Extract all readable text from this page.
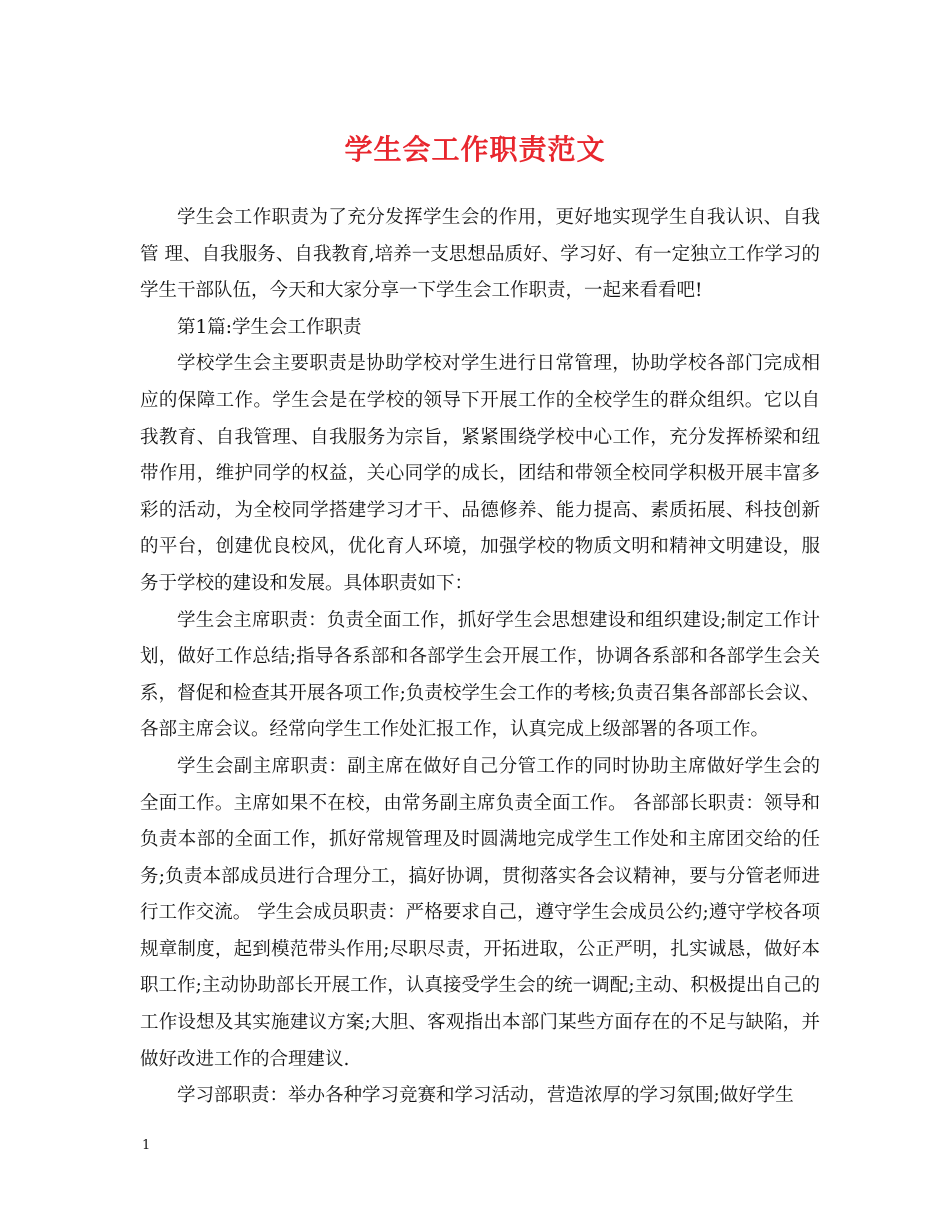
学生会工作职责范文

学生会工作职责为了充分发挥学生会的作用，更好地实现学生自我认识、自我管 理、自我服务、自我教育,培养一支思想品质好、学习好、有一定独立工作学习的学生干部队伍，今天和大家分享一下学生会工作职责，一起来看看吧!

第1篇:学生会工作职责

学校学生会主要职责是协助学校对学生进行日常管理，协助学校各部门完成相应的保障工作。学生会是在学校的领导下开展工作的全校学生的群众组织。它以自我教育、自我管理、自我服务为宗旨，紧紧围绕学校中心工作，充分发挥桥梁和纽带作用，维护同学的权益，关心同学的成长，团结和带领全校同学积极开展丰富多彩的活动，为全校同学搭建学习才干、品德修养、能力提高、素质拓展、科技创新的平台，创建优良校风，优化育人环境，加强学校的物质文明和精神文明建设，服务于学校的建设和发展。具体职责如下：

学生会主席职责：负责全面工作，抓好学生会思想建设和组织建设;制定工作计划，做好工作总结;指导各系部和各部学生会开展工作，协调各系部和各部学生会关系，督促和检查其开展各项工作;负责校学生会工作的考核;负责召集各部部长会议、各部主席会议。经常向学生工作处汇报工作，认真完成上级部署的各项工作。

学生会副主席职责：副主席在做好自己分管工作的同时协助主席做好学生会的全面工作。主席如果不在校，由常务副主席负责全面工作。 各部部长职责：领导和负责本部的全面工作，抓好常规管理及时圆满地完成学生工作处和主席团交给的任务;负责本部成员进行合理分工，搞好协调，贯彻落实各会议精神，要与分管老师进行工作交流。 学生会成员职责：严格要求自己，遵守学生会成员公约;遵守学校各项规章制度，起到模范带头作用;尽职尽责，开拓进取，公正严明，扎实诚恳，做好本职工作;主动协助部长开展工作，认真接受学生会的统一调配;主动、积极提出自己的工作设想及其实施建议方案;大胆、客观指出本部门某些方面存在的不足与缺陷，并做好改进工作的合理建议.

学习部职责：举办各种学习竞赛和学习活动，营造浓厚的学习氛围;做好学生

1
